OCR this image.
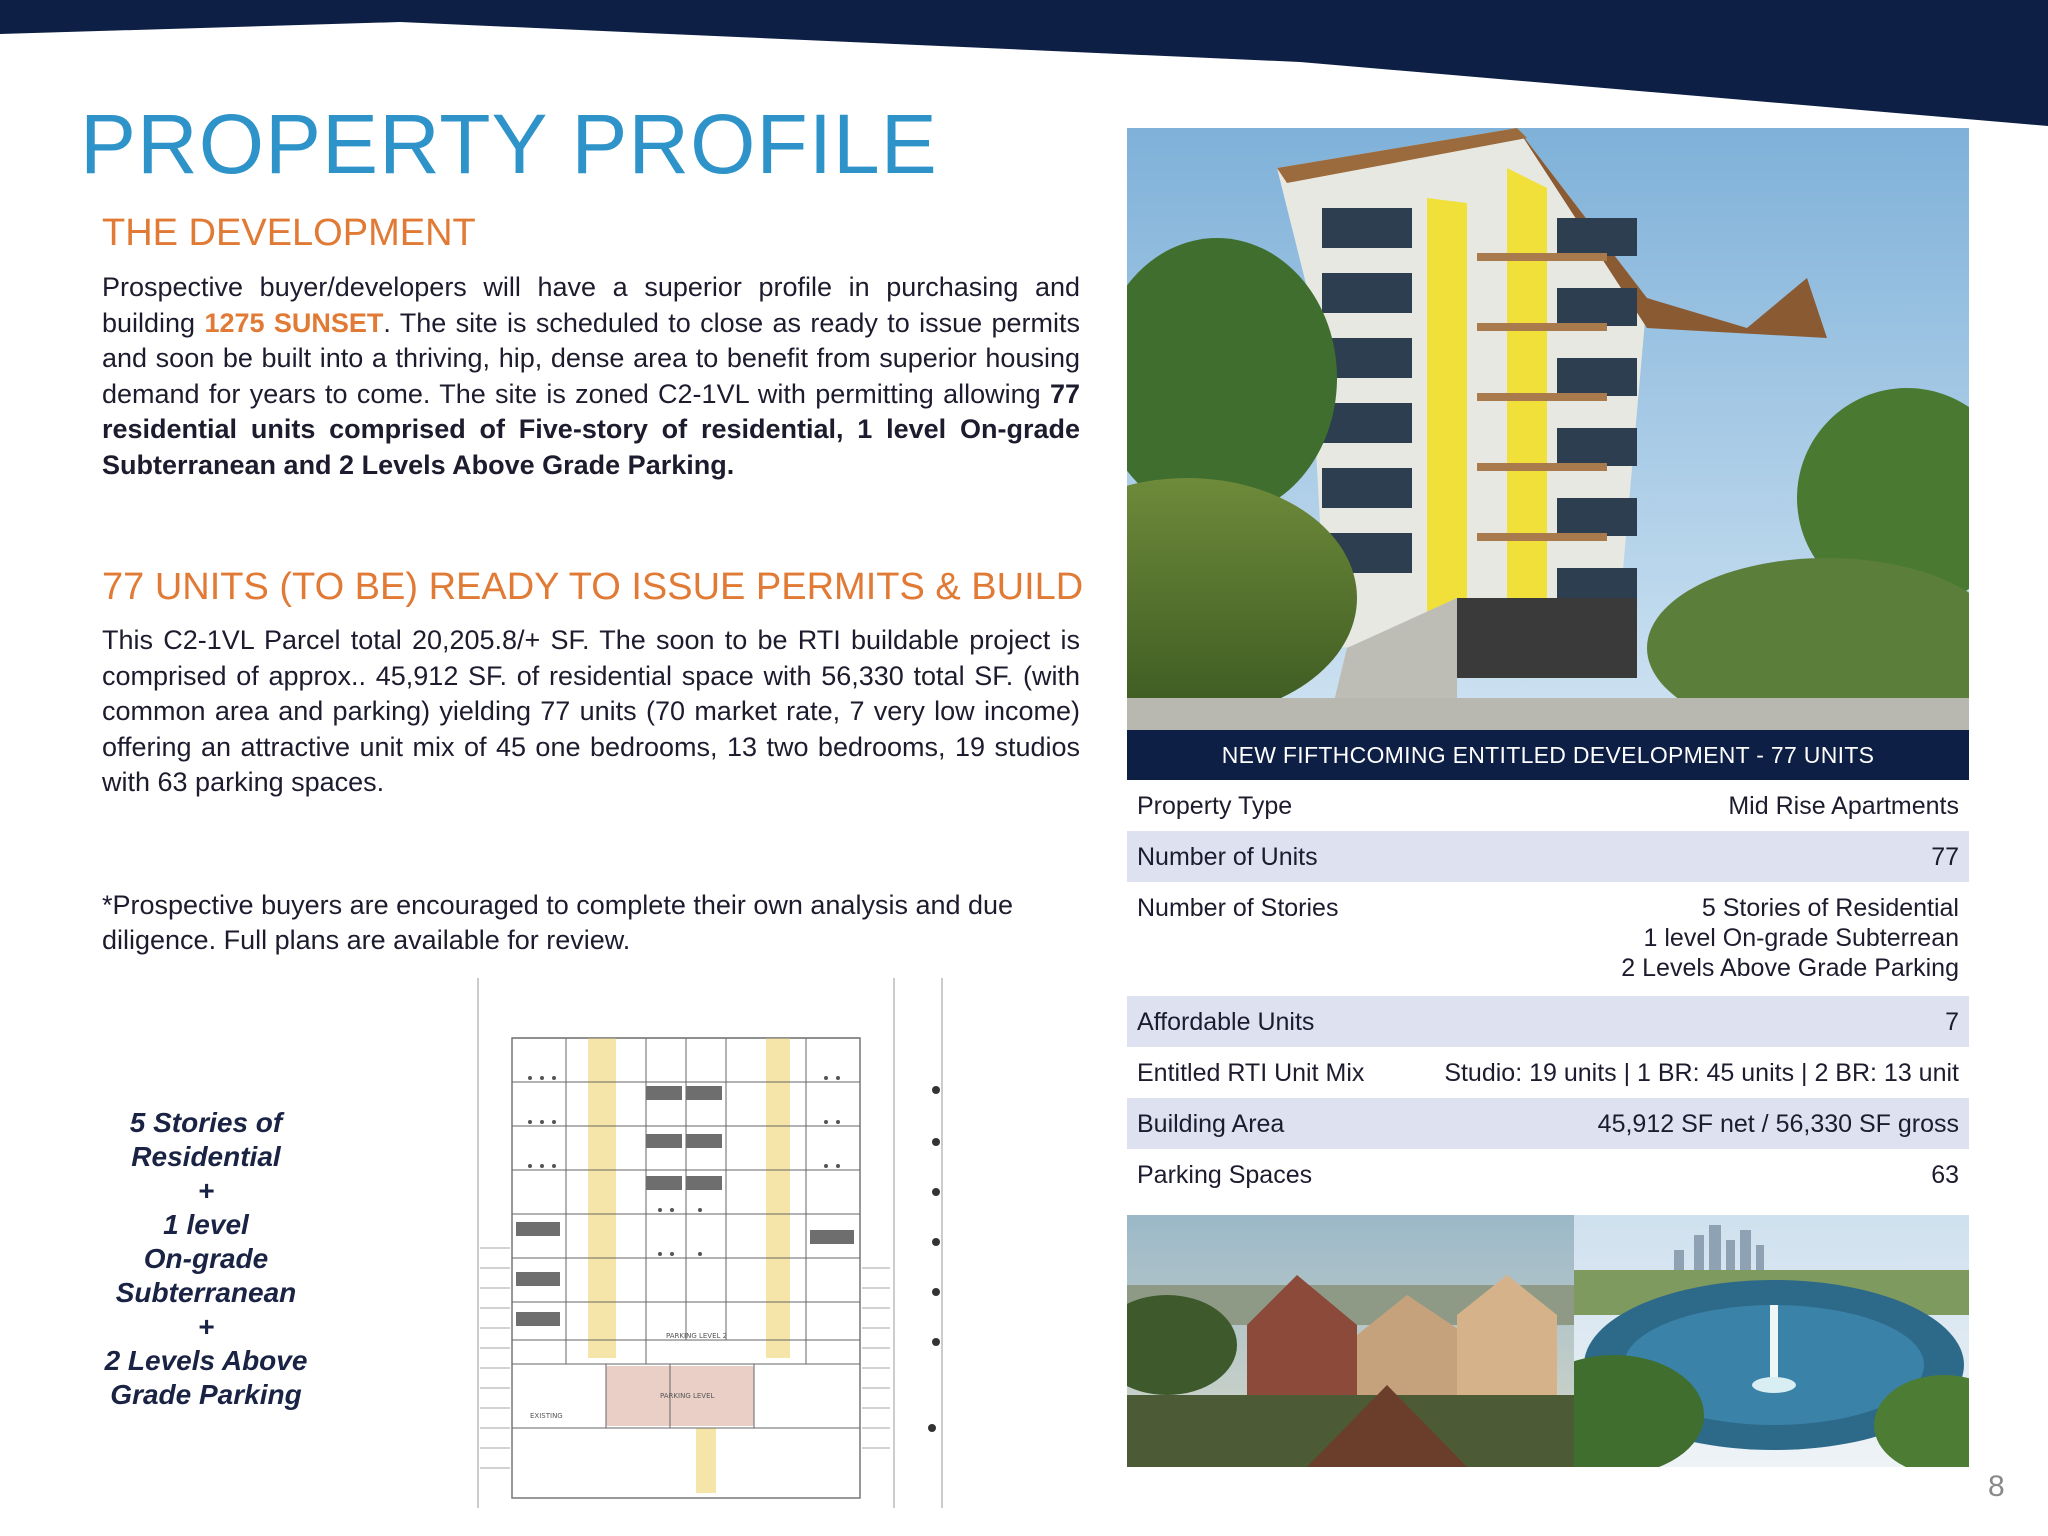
PROPERTY PROFILE
THE DEVELOPMENT
Prospective buyer/developers will have a superior profile in purchasing and building 1275 SUNSET. The site is scheduled to close as ready to issue permits and soon be built into a thriving, hip, dense area to benefit from superior housing demand for years to come. The site is zoned C2-1VL with permitting allowing 77 residential units comprised of Five-story of residential, 1 level On-grade Subterranean and 2 Levels Above Grade Parking.
77 UNITS (TO BE) READY TO ISSUE PERMITS & BUILD
This C2-1VL Parcel total 20,205.8/+ SF. The soon to be RTI buildable project is comprised of approx.. 45,912 SF. of residential space with 56,330 total SF. (with common area and parking) yielding 77 units (70 market rate, 7 very low income) offering an attractive unit mix of 45 one bedrooms, 13 two bedrooms, 19 studios with 63 parking spaces.
*Prospective buyers are encouraged to complete their own analysis and due diligence. Full plans are available for review.
5 Stories of
Residential
+
1 level
On-grade
Subterranean
+
2 Levels Above
Grade Parking
PARKING LEVEL 2
PARKING LEVEL
EXISTING
NEW FIFTHCOMING ENTITLED DEVELOPMENT - 77 UNITS
Property Type	Mid Rise Apartments
Number of Units	77
Number of Stories	5 Stories of Residential
1 level On-grade Subterrean
2 Levels Above Grade Parking
Affordable Units	7
Entitled RTI Unit Mix	Studio: 19 units | 1 BR: 45 units | 2 BR: 13 unit
Building Area	45,912 SF net / 56,330 SF gross
Parking Spaces	63
8
